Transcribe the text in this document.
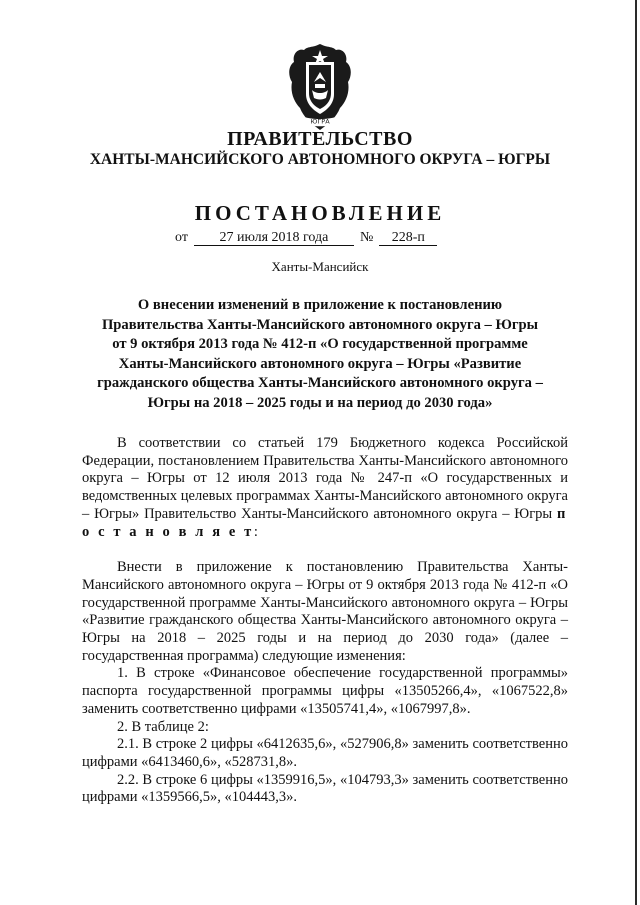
ЮГРА
ПРАВИТЕЛЬСТВО
ХАНТЫ-МАНСИЙСКОГО АВТОНОМНОГО ОКРУГА – ЮГРЫ
ПОСТАНОВЛЕНИЕ
от 27 июля 2018 года № 228-п
Ханты-Мансийск
О внесении изменений в приложение к постановлению Правительства Ханты-Мансийского автономного округа – Югры от 9 октября 2013 года № 412-п «О государственной программе Ханты-Мансийского автономного округа – Югры «Развитие гражданского общества Ханты-Мансийского автономного округа – Югры на 2018 – 2025 годы и на период до 2030 года»

В соответствии со статьей 179 Бюджетного кодекса Российской Федерации, постановлением Правительства Ханты-Мансийского автономного округа – Югры от 12 июля 2013 года № 247-п «О государственных и ведомственных целевых программах Ханты-Мансийского автономного округа – Югры» Правительство Ханты-Мансийского автономного округа – Югры п о с т а н о в л я е т:

Внести в приложение к постановлению Правительства Ханты-Мансийского автономного округа – Югры от 9 октября 2013 года № 412-п «О государственной программе Ханты-Мансийского автономного округа – Югры «Развитие гражданского общества Ханты-Мансийского автономного округа – Югры на 2018 – 2025 годы и на период до 2030 года» (далее – государственная программа) следующие изменения:

1. В строке «Финансовое обеспечение государственной программы» паспорта государственной программы цифры «13505266,4», «1067522,8» заменить соответственно цифрами «13505741,4», «1067997,8».

2. В таблице 2:

2.1. В строке 2 цифры «6412635,6», «527906,8» заменить соответственно цифрами «6413460,6», «528731,8».

2.2. В строке 6 цифры «1359916,5», «104793,3» заменить соответственно цифрами «1359566,5», «104443,3».
